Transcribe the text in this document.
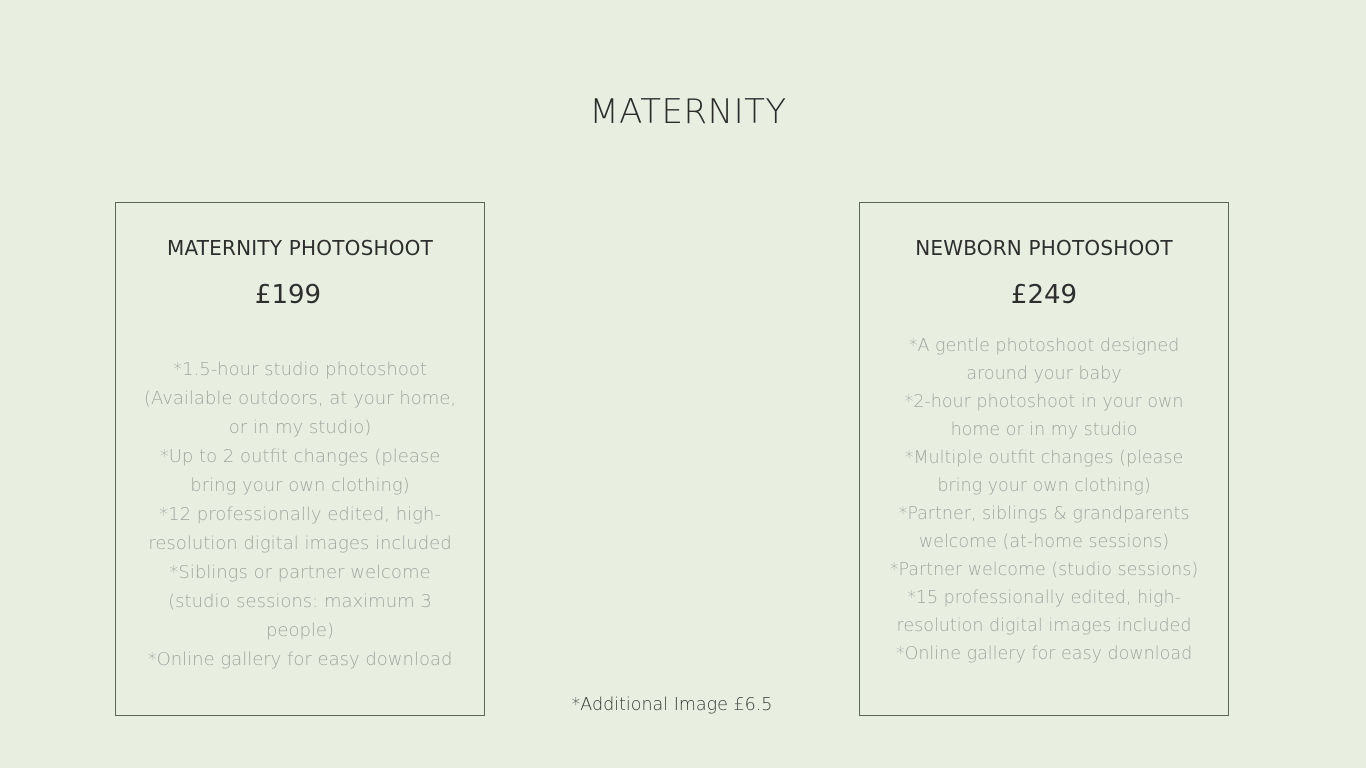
MATERNITY
MATERNITY PHOTOSHOOT
£199
*1.5-hour studio photoshoot (Available outdoors, at your home, or in my studio)
*Up to 2 outfit changes (please bring your own clothing)
*12 professionally edited, high-resolution digital images included
*Siblings or partner welcome (studio sessions: maximum 3 people)
*Online gallery for easy download
NEWBORN PHOTOSHOOT
£249
*A gentle photoshoot designed around your baby
*2-hour photoshoot in your own home or in my studio
*Multiple outfit changes (please bring your own clothing)
*Partner, siblings & grandparents welcome (at-home sessions)
*Partner welcome (studio sessions)
*15 professionally edited, high-resolution digital images included
*Online gallery for easy download
*Additional Image £6.5
